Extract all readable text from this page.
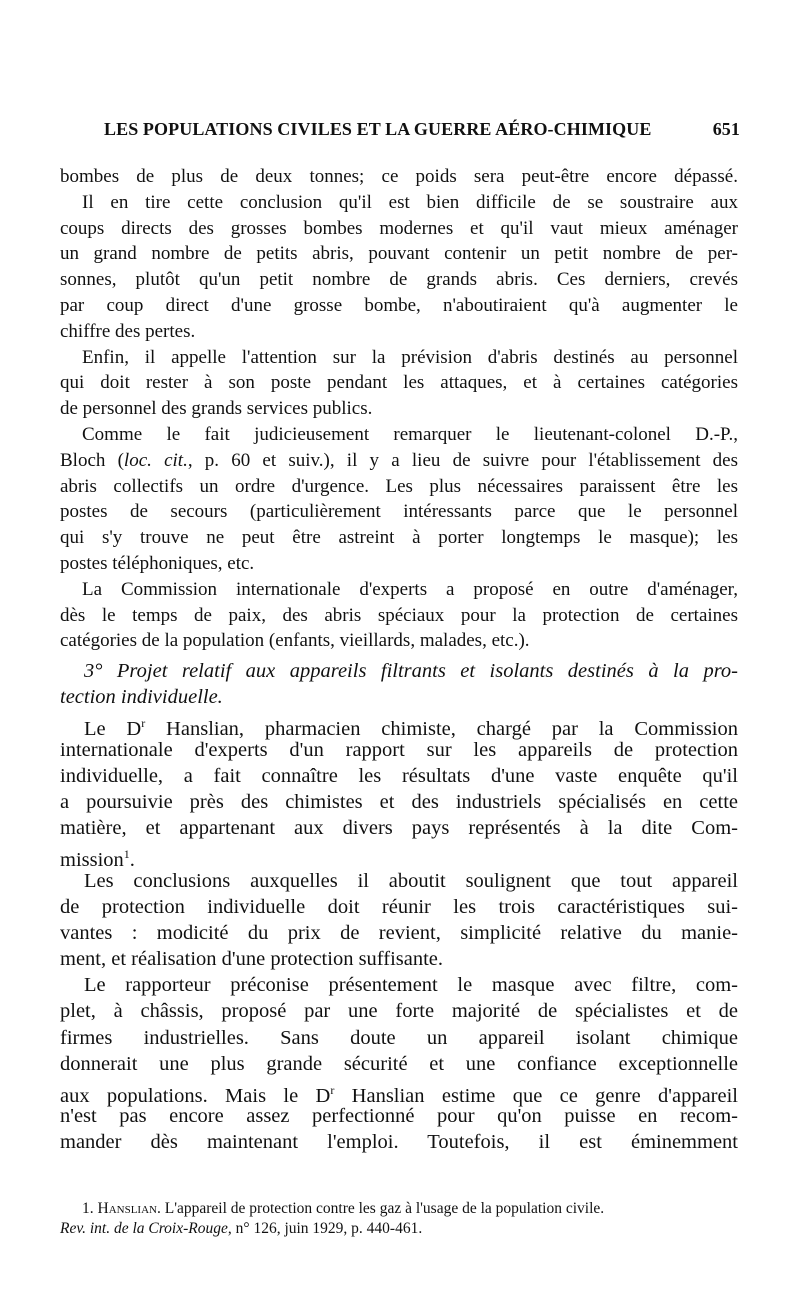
LES POPULATIONS CIVILES ET LA GUERRE AÉRO-CHIMIQUE	651
bombes de plus de deux tonnes; ce poids sera peut-être encore dépassé.
Il en tire cette conclusion qu'il est bien difficile de se soustraire aux
coups directs des grosses bombes modernes et qu'il vaut mieux aménager
un grand nombre de petits abris, pouvant contenir un petit nombre de per-
sonnes, plutôt qu'un petit nombre de grands abris. Ces derniers, crevés
par coup direct d'une grosse bombe, n'aboutiraient qu'à augmenter le
chiffre des pertes.
Enfin, il appelle l'attention sur la prévision d'abris destinés au personnel
qui doit rester à son poste pendant les attaques, et à certaines catégories
de personnel des grands services publics.
Comme le fait judicieusement remarquer le lieutenant-colonel D.-P.,
Bloch (loc. cit., p. 60 et suiv.), il y a lieu de suivre pour l'établissement des
abris collectifs un ordre d'urgence. Les plus nécessaires paraissent être les
postes de secours (particulièrement intéressants parce que le personnel
qui s'y trouve ne peut être astreint à porter longtemps le masque); les
postes téléphoniques, etc.
La Commission internationale d'experts a proposé en outre d'aménager,
dès le temps de paix, des abris spéciaux pour la protection de certaines
catégories de la population (enfants, vieillards, malades, etc.).
3° Projet relatif aux appareils filtrants et isolants destinés à la pro-
tection individuelle.
Le $D^r$ Hanslian, pharmacien chimiste, chargé par la Commission
internationale d'experts d'un rapport sur les appareils de protection
individuelle, a fait connaître les résultats d'une vaste enquête qu'il
a poursuivie près des chimistes et des industriels spécialisés en cette
matière, et appartenant aux divers pays représentés à la dite Com-
mission$^1$.
Les conclusions auxquelles il aboutit soulignent que tout appareil
de protection individuelle doit réunir les trois caractéristiques sui-
vantes : modicité du prix de revient, simplicité relative du manie-
ment, et réalisation d'une protection suffisante.
Le rapporteur préconise présentement le masque avec filtre, com-
plet, à châssis, proposé par une forte majorité de spécialistes et de
firmes industrielles. Sans doute un appareil isolant chimique
donnerait une plus grande sécurité et une confiance exceptionnelle
aux populations. Mais le $D^r$ Hanslian estime que ce genre d'appareil
n'est pas encore assez perfectionné pour qu'on puisse en recom-
mander dès maintenant l'emploi. Toutefois, il est éminemment
1. Hanslian. L'appareil de protection contre les gaz à l'usage de la population civile.
Rev. int. de la Croix-Rouge, n° 126, juin 1929, p. 440-461.
